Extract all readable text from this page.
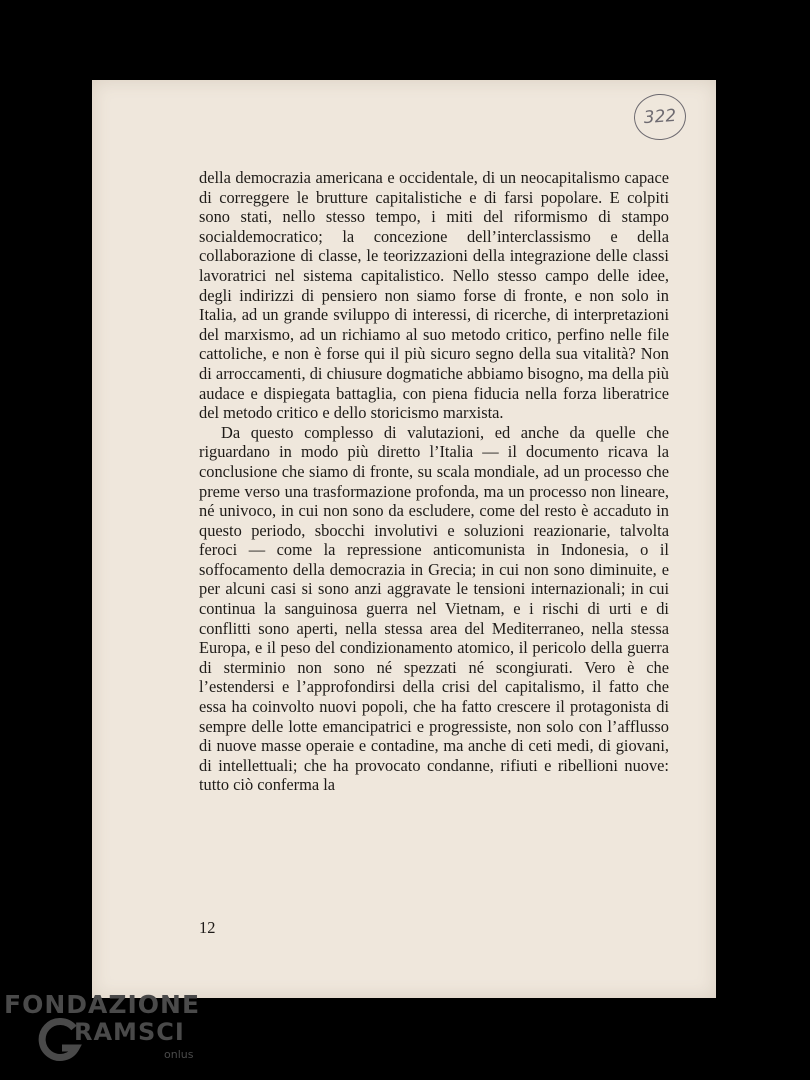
322

della democrazia americana e occidentale, di un neocapitalismo capace di correggere le brutture capitalistiche e di farsi popolare. E colpiti sono stati, nello stesso tempo, i miti del riformismo di stampo socialdemocratico; la concezione dell’interclassismo e della collaborazione di classe, le teorizzazioni della integrazione delle classi lavoratrici nel sistema capitalistico. Nello stesso campo delle idee, degli indirizzi di pensiero non siamo forse di fronte, e non solo in Italia, ad un grande sviluppo di interessi, di ricerche, di interpretazioni del marxismo, ad un richiamo al suo metodo critico, perfino nelle file cattoliche, e non è forse qui il più sicuro segno della sua vitalità? Non di arroccamenti, di chiusure dogmatiche abbiamo bisogno, ma della più audace e dispiegata battaglia, con piena fiducia nella forza liberatrice del metodo critico e dello storicismo marxista.

Da questo complesso di valutazioni, ed anche da quelle che riguardano in modo più diretto l’Italia — il documento ricava la conclusione che siamo di fronte, su scala mondiale, ad un processo che preme verso una trasformazione profonda, ma un processo non lineare, né univoco, in cui non sono da escludere, come del resto è accaduto in questo periodo, sbocchi involutivi e soluzioni reazionarie, talvolta feroci — come la repressione anticomunista in Indonesia, o il soffocamento della democrazia in Grecia; in cui non sono diminuite, e per alcuni casi si sono anzi aggravate le tensioni internazionali; in cui continua la sanguinosa guerra nel Vietnam, e i rischi di urti e di conflitti sono aperti, nella stessa area del Mediterraneo, nella stessa Europa, e il peso del condizionamento atomico, il pericolo della guerra di sterminio non sono né spezzati né scongiurati. Vero è che l’estendersi e l’approfondirsi della crisi del capitalismo, il fatto che essa ha coinvolto nuovi popoli, che ha fatto crescere il protagonista di sempre delle lotte emancipatrici e progressiste, non solo con l’afflusso di nuove masse operaie e contadine, ma anche di ceti medi, di giovani, di intellettuali; che ha provocato condanne, rifiuti e ribellioni nuove: tutto ciò conferma la

12
FONDAZIONE
RAMSCI
onlus
